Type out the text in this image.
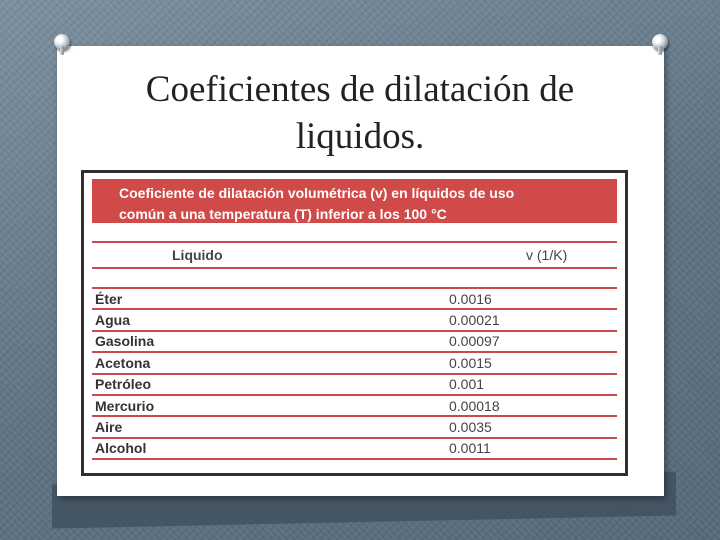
Coeficientes de dilatación de
liquidos.
Coeficiente de dilatación volumétrica (v) en líquidos de uso
común a una temperatura (T) inferior a los 100 °C
Liquido	v (1/K)
Éter	0.0016
Agua	0.00021
Gasolina	0.00097
Acetona	0.0015
Petróleo	0.001
Mercurio	0.00018
Aire	0.0035
Alcohol	0.0011
